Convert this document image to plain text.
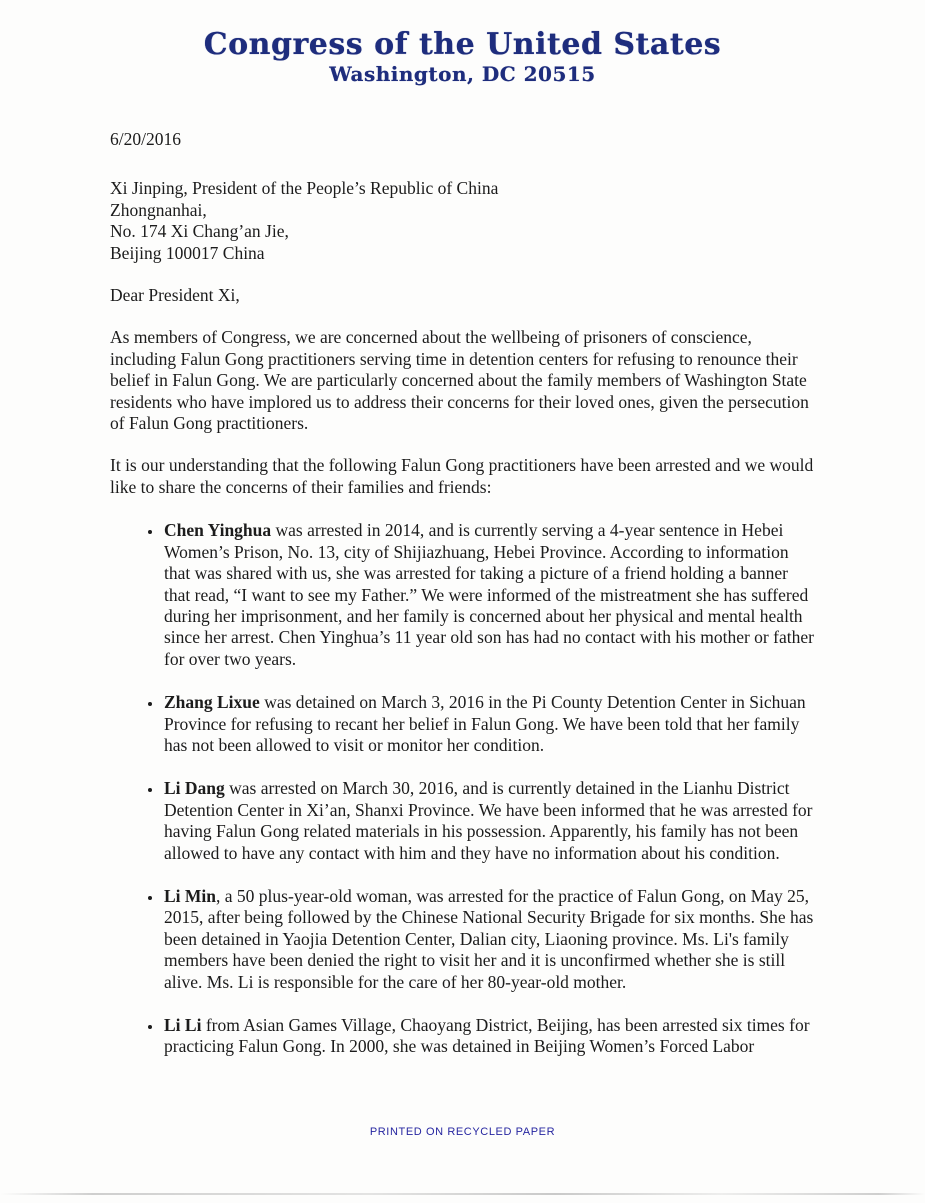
Congress of the United States
Washington, DC 20515
6/20/2016
Xi Jinping, President of the People’s Republic of China
Zhongnanhai,
No. 174 Xi Chang’an Jie,
Beijing 100017 China
Dear President Xi,
As members of Congress, we are concerned about the wellbeing of prisoners of conscience, including Falun Gong practitioners serving time in detention centers for refusing to renounce their belief in Falun Gong. We are particularly concerned about the family members of Washington State residents who have implored us to address their concerns for their loved ones, given the persecution of Falun Gong practitioners.
It is our understanding that the following Falun Gong practitioners have been arrested and we would like to share the concerns of their families and friends:
• Chen Yinghua was arrested in 2014, and is currently serving a 4-year sentence in Hebei Women’s Prison, No. 13, city of Shijiazhuang, Hebei Province. According to information that was shared with us, she was arrested for taking a picture of a friend holding a banner that read, “I want to see my Father.” We were informed of the mistreatment she has suffered during her imprisonment, and her family is concerned about her physical and mental health since her arrest. Chen Yinghua’s 11 year old son has had no contact with his mother or father for over two years.
• Zhang Lixue was detained on March 3, 2016 in the Pi County Detention Center in Sichuan Province for refusing to recant her belief in Falun Gong. We have been told that her family has not been allowed to visit or monitor her condition.
• Li Dang was arrested on March 30, 2016, and is currently detained in the Lianhu District Detention Center in Xi’an, Shanxi Province. We have been informed that he was arrested for having Falun Gong related materials in his possession. Apparently, his family has not been allowed to have any contact with him and they have no information about his condition.
• Li Min, a 50 plus-year-old woman, was arrested for the practice of Falun Gong, on May 25, 2015, after being followed by the Chinese National Security Brigade for six months. She has been detained in Yaojia Detention Center, Dalian city, Liaoning province. Ms. Li's family members have been denied the right to visit her and it is unconfirmed whether she is still alive. Ms. Li is responsible for the care of her 80-year-old mother.
• Li Li from Asian Games Village, Chaoyang District, Beijing, has been arrested six times for practicing Falun Gong. In 2000, she was detained in Beijing Women’s Forced Labor
PRINTED ON RECYCLED PAPER
